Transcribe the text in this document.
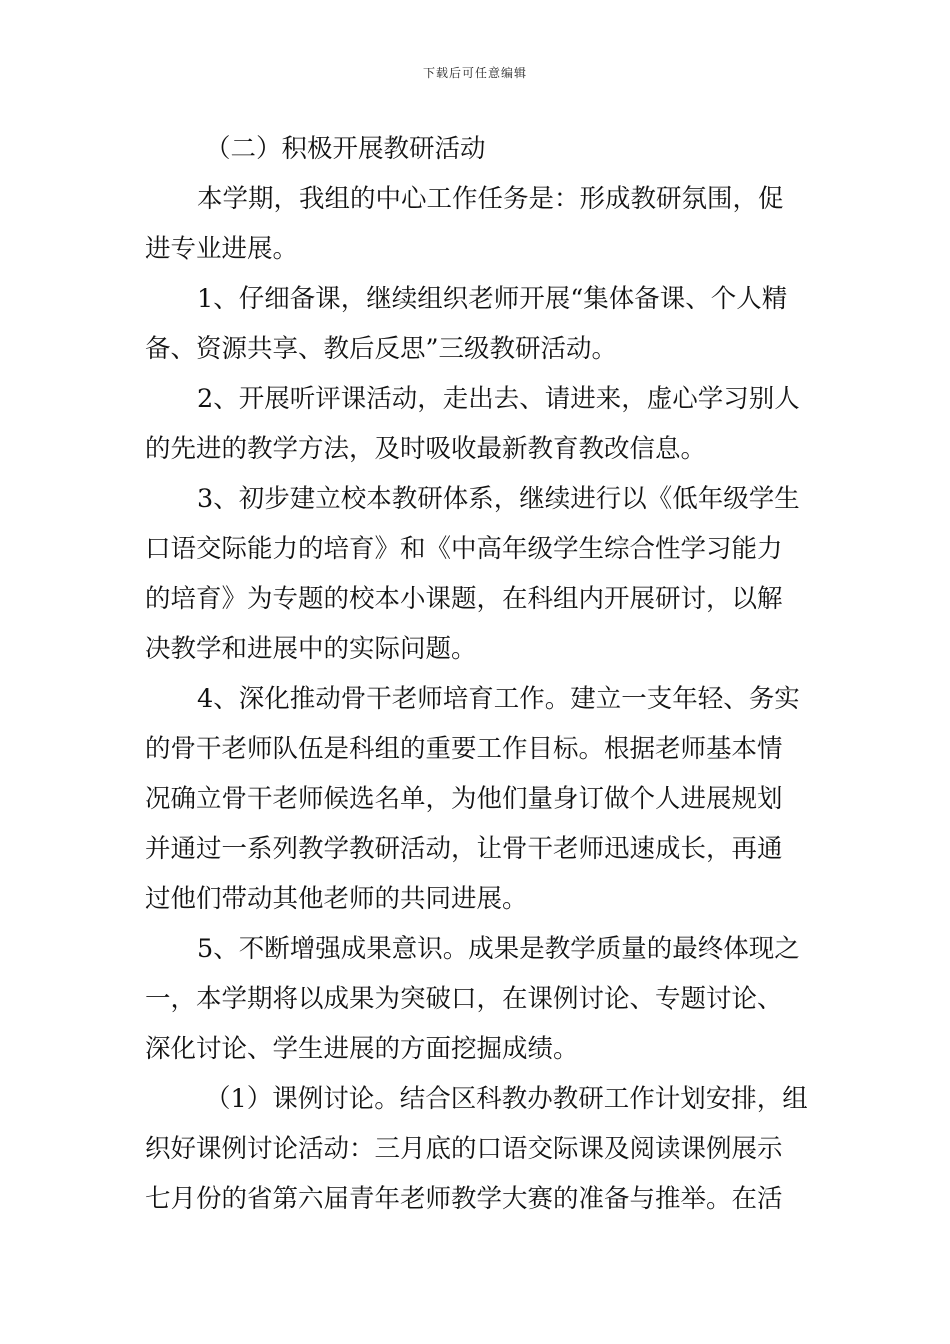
下载后可任意编辑
（二）积极开展教研活动
本学期，我组的中心工作任务是：形成教研氛围，促
进专业进展。
1、仔细备课，继续组织老师开展“集体备课、个人精
备、资源共享、教后反思”三级教研活动。
2、开展听评课活动，走出去、请进来，虚心学习别人
的先进的教学方法，及时吸收最新教育教改信息。
3、初步建立校本教研体系，继续进行以《低年级学生
口语交际能力的培育》和《中高年级学生综合性学习能力
的培育》为专题的校本小课题，在科组内开展研讨，以解
决教学和进展中的实际问题。
4、深化推动骨干老师培育工作。建立一支年轻、务实
的骨干老师队伍是科组的重要工作目标。根据老师基本情
况确立骨干老师候选名单，为他们量身订做个人进展规划
并通过一系列教学教研活动，让骨干老师迅速成长，再通
过他们带动其他老师的共同进展。
5、不断增强成果意识。成果是教学质量的最终体现之
一，本学期将以成果为突破口，在课例讨论、专题讨论、
深化讨论、学生进展的方面挖掘成绩。
（1）课例讨论。结合区科教办教研工作计划安排，组
织好课例讨论活动：三月底的口语交际课及阅读课例展示
七月份的省第六届青年老师教学大赛的准备与推举。在活
